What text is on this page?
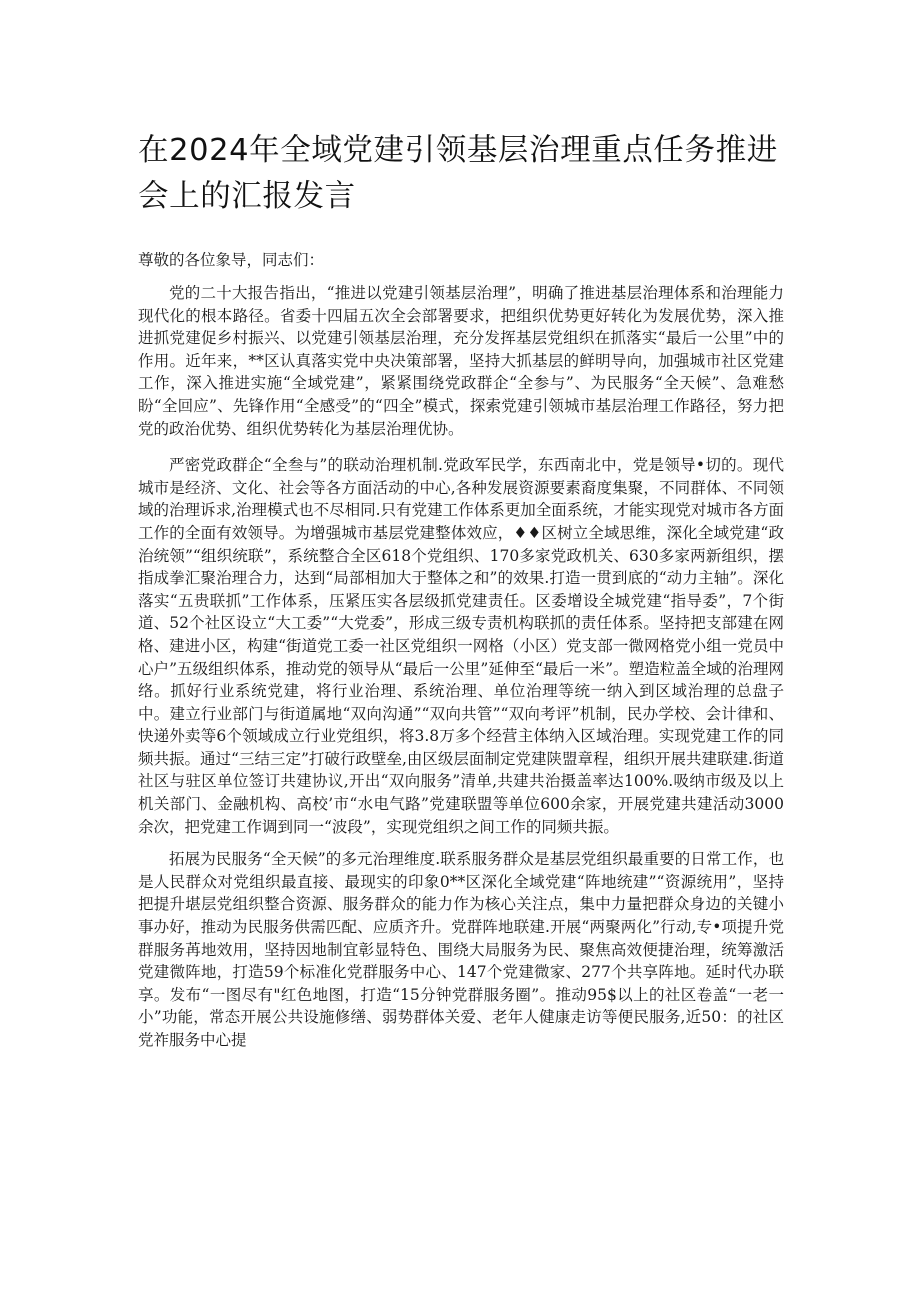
在2024年全域党建引领基层治理重点任务推进会上的汇报发言

尊敬的各位象导，同志们：

党的二十大报告指出，“推进以党建引领基层治理”，明确了推进基层治理体系和治理能力现代化的根本路径。省委十四届五次全会部署要求，把组织优势更好转化为发展优势，深入推进抓党建促乡村振兴、以党建引领基层治理，充分发挥基层党组织在抓落实“最后一公里”中的作用。近年来，**区认真落实党中央决策部署，坚持大抓基层的鲜明导向，加强城市社区党建工作，深入推进实施“全域党建”，紧紧围绕党政群企“全参与”、为民服务“全天候”、急难愁盼“全回应”、先锋作用“全感受”的“四全”模式，探索党建引领城市基层治理工作路径，努力把党的政治优势、组织优势转化为基层治理优协。

严密党政群企“全叁与”的联动治理机制.党政军民学，东西南北中，党是领导•切的。现代城市是经济、文化、社会等各方面活动的中心,各种发展资源要素裔度集聚，不同群体、不同领域的治理诉求,治理模式也不尽相同.只有党建工作体系更加全面系统，才能实现党对城市各方面工作的全面有效领导。为增强城市基层党建整体效应，♦♦区树立全域思维，深化全域党建“政治统领”“组织统联”，系统整合全区618个党组织、170多家党政机关、630多家两新组织，摆指成拳汇聚治理合力，达到“局部相加大于整体之和”的效果.打造一贯到底的“动力主轴”。深化落实“五贵联抓”工作体系，压紧压实各层级抓党建责任。区委增设全城党建“指导委”，7个街道、52个社区设立“大工委”“大党委”，形成三级专责机构联抓的责任体系。坚持把支部建在网格、建进小区，构建“街道党工委一社区党组织一网格（小区）党支部一微网格党小组一党员中心户”五级组织体系，推动党的领导从“最后一公里”延伸至“最后一米”。塑造粒盖全域的治理网络。抓好行业系统党建，将行业治理、系统治理、单位治理等统一纳入到区域治理的总盘子中。建立行业部门与街道属地“双向沟通”“双向共管”“双向考评”机制，民办学校、会计律和、快递外卖等6个领域成立行业党组织，将3.8万多个经营主体纳入区域治理。实现党建工作的同频共振。通过“三结三定”打破行政壁垒,由区级层面制定党建陕盟章程，组织开展共建联建.街道社区与驻区单位签订共建协议,开出“双向服务”清单,共建共治摄盖率达100%.吸纳市级及以上机关部门、金融机构、高校’市“水电气路”党建联盟等单位600余家，开展党建共建活动3000余次，把党建工作调到同一“波段”，实现党组织之间工作的同频共振。

拓展为民服务“全天候”的多元治理维度.联系服务群众是基层党组织最重要的日常工作，也是人民群众对党组织最直接、最现实的印象0**区深化全域党建“阵地统建”“资源统用”，坚持把提升堪层党组织整合资源、服务群众的能力作为核心关注点，集中力量把群众身边的关键小事办好，推动为民服务供需匹配、应质齐升。党群阵地联建.开展“两聚两化”行动,专•项提升党群服务苒地效用，坚持因地制宜彰显特色、围绕大局服务为民、聚焦高效便捷治理，统筹激活党建微阵地，打造59个标准化党群服务中心、147个党建微家、277个共享阵地。延时代办联享。发布“一图尽有"红色地图，打造“15分钟党群服务圈”。推动95$以上的社区卷盖“一老一小”功能，常态开展公共设施修缮、弱势群体关爱、老年人健康走访等便民服务,近50：的社区党祚服务中心提
